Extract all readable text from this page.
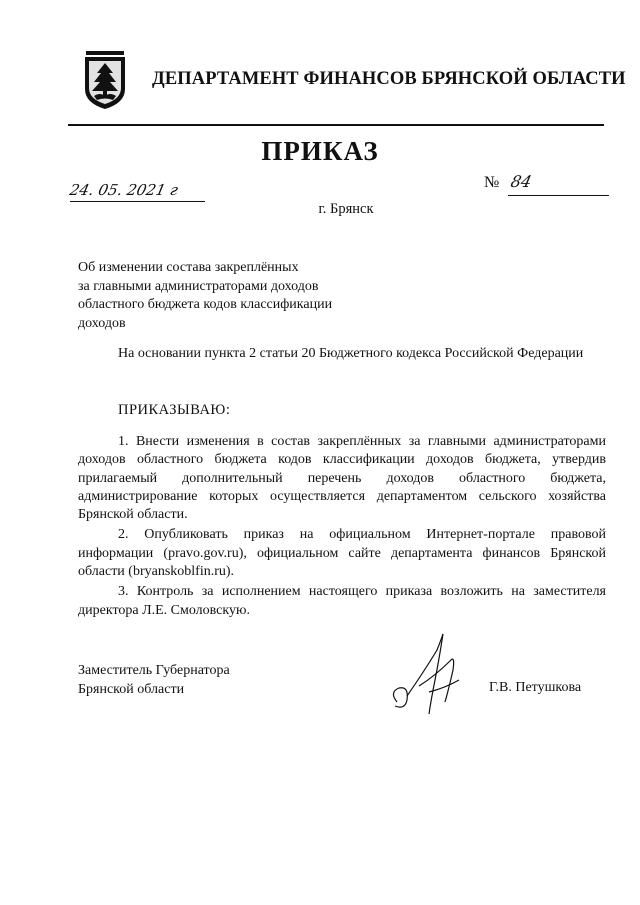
ДЕПАРТАМЕНТ ФИНАНСОВ БРЯНСКОЙ ОБЛАСТИ
ПРИКАЗ
24. 05. 2021 г	№ 84
г. Брянск
Об изменении состава закреплённых
за главными администраторами доходов
областного бюджета кодов классификации
доходов
На основании пункта 2 статьи 20 Бюджетного кодекса Российской Федерации
ПРИКАЗЫВАЮ:

1. Внести изменения в состав закреплённых за главными администраторами доходов областного бюджета кодов классификации доходов бюджета, утвердив прилагаемый дополнительный перечень доходов областного бюджета, администрирование которых осуществляется департаментом сельского хозяйства Брянской области.

2. Опубликовать приказ на официальном Интернет-портале правовой информации (pravo.gov.ru), официальном сайте департамента финансов Брянской области (bryanskoblfin.ru).

3. Контроль за исполнением настоящего приказа возложить на заместителя директора Л.Е. Смоловскую.

Заместитель Губернатора
Брянской области	Г.В. Петушкова
